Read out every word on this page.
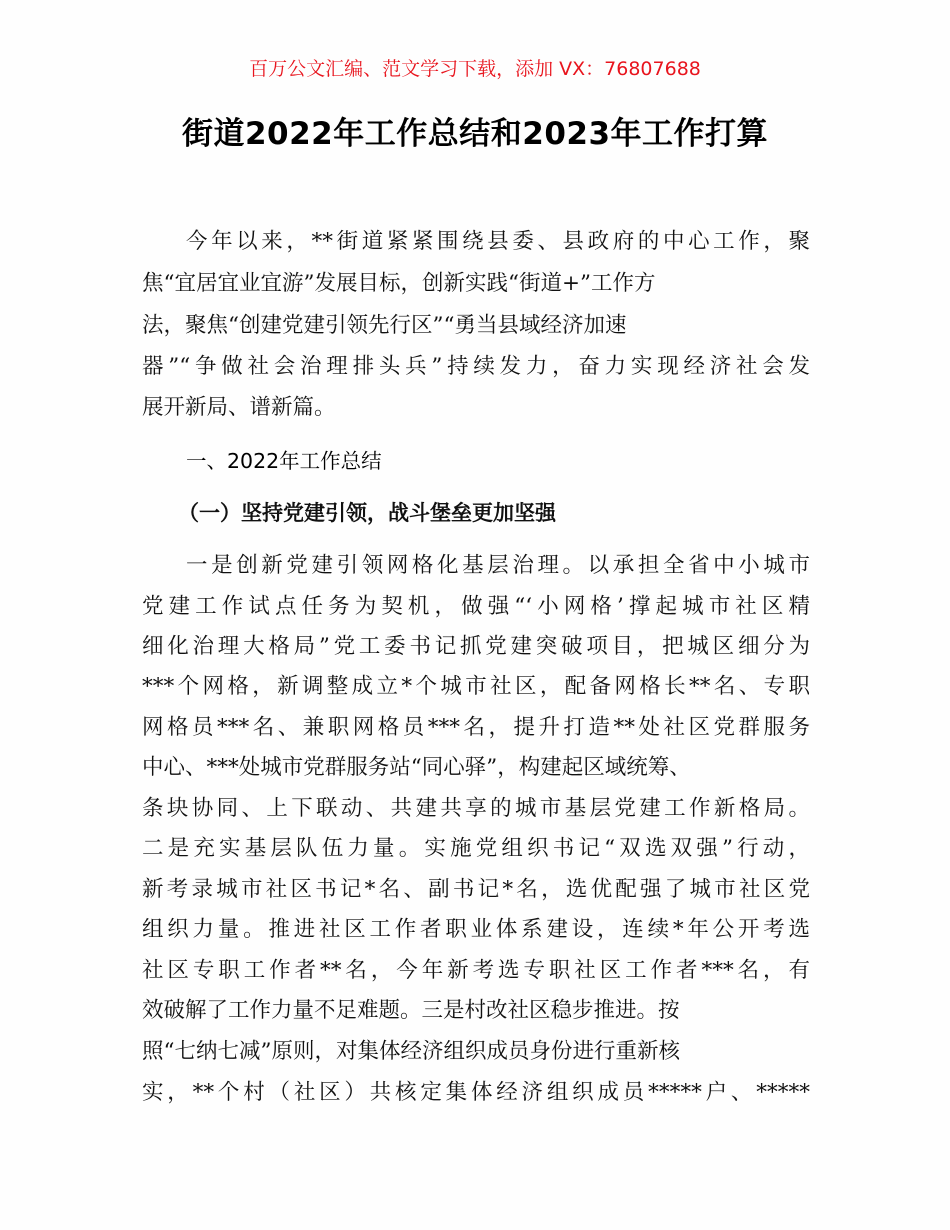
百万公文汇编、范文学习下载，添加 VX：76807688
街道2022年工作总结和2023年工作打算
今年以来，**街道紧紧围绕县委、县政府的中心工作，聚
焦“宜居宜业宜游”发展目标，创新实践“街道+”工作方
法，聚焦“创建党建引领先行区”“勇当县域经济加速
器”“争做社会治理排头兵”持续发力，奋力实现经济社会发
展开新局、谱新篇。
一、2022年工作总结
（一）坚持党建引领，战斗堡垒更加坚强
一是创新党建引领网格化基层治理。以承担全省中小城市
党建工作试点任务为契机，做强“‘小网格’撑起城市社区精
细化治理大格局”党工委书记抓党建突破项目，把城区细分为
***个网格，新调整成立*个城市社区，配备网格长**名、专职
网格员***名、兼职网格员***名，提升打造**处社区党群服务
中心、***处城市党群服务站“同心驿”，构建起区域统筹、
条块协同、上下联动、共建共享的城市基层党建工作新格局。
二是充实基层队伍力量。实施党组织书记“双选双强”行动，
新考录城市社区书记*名、副书记*名，选优配强了城市社区党
组织力量。推进社区工作者职业体系建设，连续*年公开考选
社区专职工作者**名，今年新考选专职社区工作者***名，有
效破解了工作力量不足难题。三是村改社区稳步推进。按
照“七纳七减”原则，对集体经济组织成员身份进行重新核
实，**个村（社区）共核定集体经济组织成员*****户、*****
